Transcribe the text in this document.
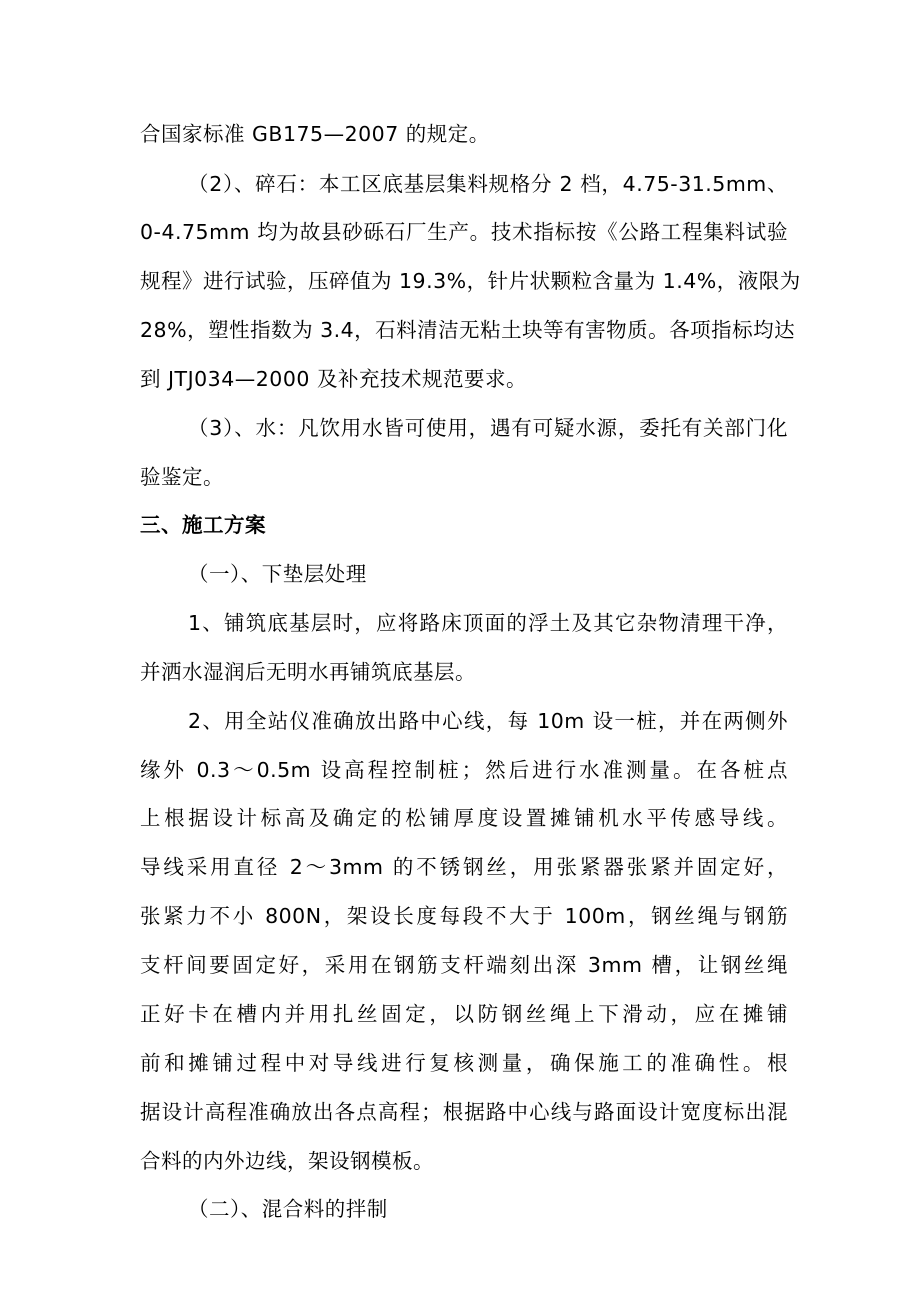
合国家标准 GB175—2007 的规定。
（2）、碎石：本工区底基层集料规格分 2 档，4.75-31.5mm、
0-4.75mm 均为故县砂砾石厂生产。技术指标按《公路工程集料试验
规程》进行试验，压碎值为 19.3%，针片状颗粒含量为 1.4%，液限为
28%，塑性指数为 3.4，石料清洁无粘土块等有害物质。各项指标均达
到 JTJ034—2000 及补充技术规范要求。
（3）、水：凡饮用水皆可使用，遇有可疑水源，委托有关部门化
验鉴定。
三、施工方案
（一）、下垫层处理
1、铺筑底基层时，应将路床顶面的浮土及其它杂物清理干净，
并洒水湿润后无明水再铺筑底基层。
2、用全站仪准确放出路中心线，每 10m 设一桩，并在两侧外
缘外 0.3～0.5m 设高程控制桩；然后进行水准测量。在各桩点
上根据设计标高及确定的松铺厚度设置摊铺机水平传感导线。
导线采用直径 2～3mm 的不锈钢丝，用张紧器张紧并固定好，
张紧力不小 800N，架设长度每段不大于 100m，钢丝绳与钢筋
支杆间要固定好，采用在钢筋支杆端刻出深 3mm 槽，让钢丝绳
正好卡在槽内并用扎丝固定，以防钢丝绳上下滑动，应在摊铺
前和摊铺过程中对导线进行复核测量，确保施工的准确性。根
据设计高程准确放出各点高程；根据路中心线与路面设计宽度标出混
合料的内外边线，架设钢模板。
（二）、混合料的拌制
